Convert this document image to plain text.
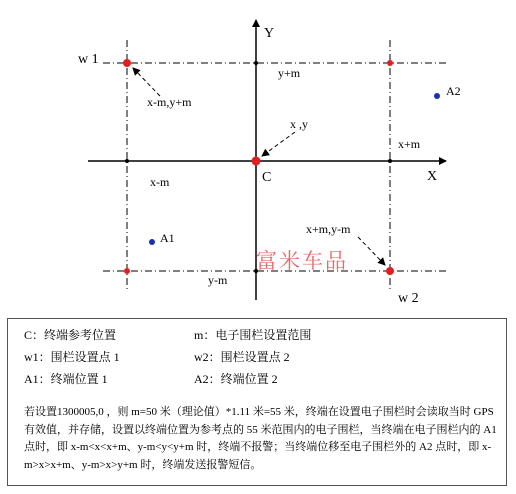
Y
X
C
w 1
w 2
A1
A2
y+m
y-m
x+m
x-m
x-m,y+m
x ,y
x+m,y-m
富米车品
C：终端参考位置	m：电子围栏设置范围
w1：围栏设置点 1	w2：围栏设置点 2
A1：终端位置 1	A2：终端位置 2
若设置1300005,0 ，则 m=50 米（理论值）*1.11 米=55 米，终端在设置电子围栏时会读取当时 GPS 有效值，并存储，设置以终端位置为参考点的 55 米范围内的电子围栏，当终端在电子围栏内的 A1 点时，即 x-m<x<x+m、y-m<y<y+m 时，终端不报警；当终端位移至电子围栏外的 A2 点时，即 x-m>x>x+m、y-m>x>y+m 时，终端发送报警短信。
